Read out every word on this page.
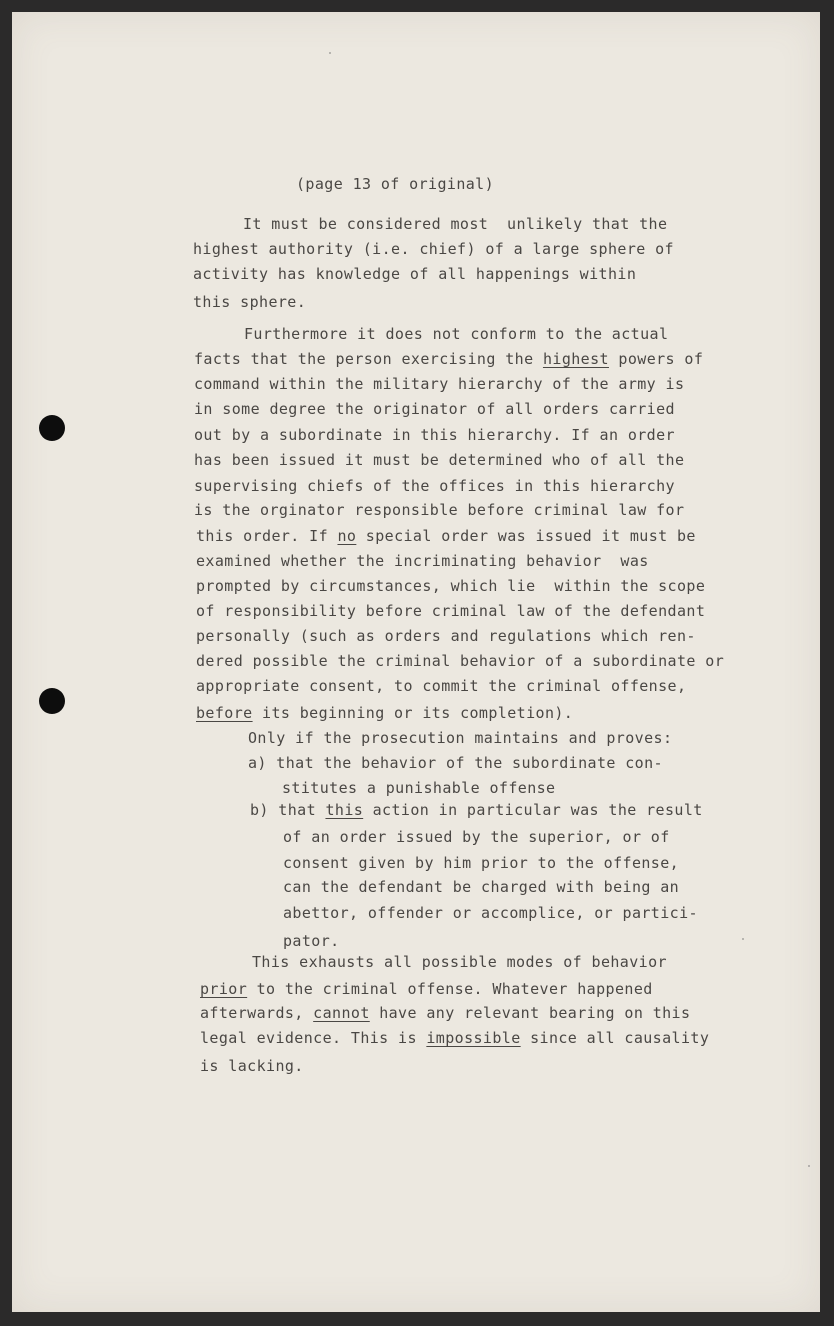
(page 13 of original)
It must be considered most  unlikely that the
highest authority (i.e. chief) of a large sphere of
activity has knowledge of all happenings within
this sphere.
Furthermore it does not conform to the actual
facts that the person exercising the highest powers of
command within the military hierarchy of the army is
in some degree the originator of all orders carried
out by a subordinate in this hierarchy. If an order
has been issued it must be determined who of all the
supervising chiefs of the offices in this hierarchy
is the orginator responsible before criminal law for
this order. If no special order was issued it must be
examined whether the incriminating behavior  was
prompted by circumstances, which lie  within the scope
of responsibility before criminal law of the defendant
personally (such as orders and regulations which ren-
dered possible the criminal behavior of a subordinate or
appropriate consent, to commit the criminal offense,
before its beginning or its completion).
Only if the prosecution maintains and proves:
a) that the behavior of the subordinate con-
stitutes a punishable offense
b) that this action in particular was the result
of an order issued by the superior, or of
consent given by him prior to the offense,
can the defendant be charged with being an
abettor, offender or accomplice, or partici-
pator.
This exhausts all possible modes of behavior
prior to the criminal offense. Whatever happened
afterwards, cannot have any relevant bearing on this
legal evidence. This is impossible since all causality
is lacking.
